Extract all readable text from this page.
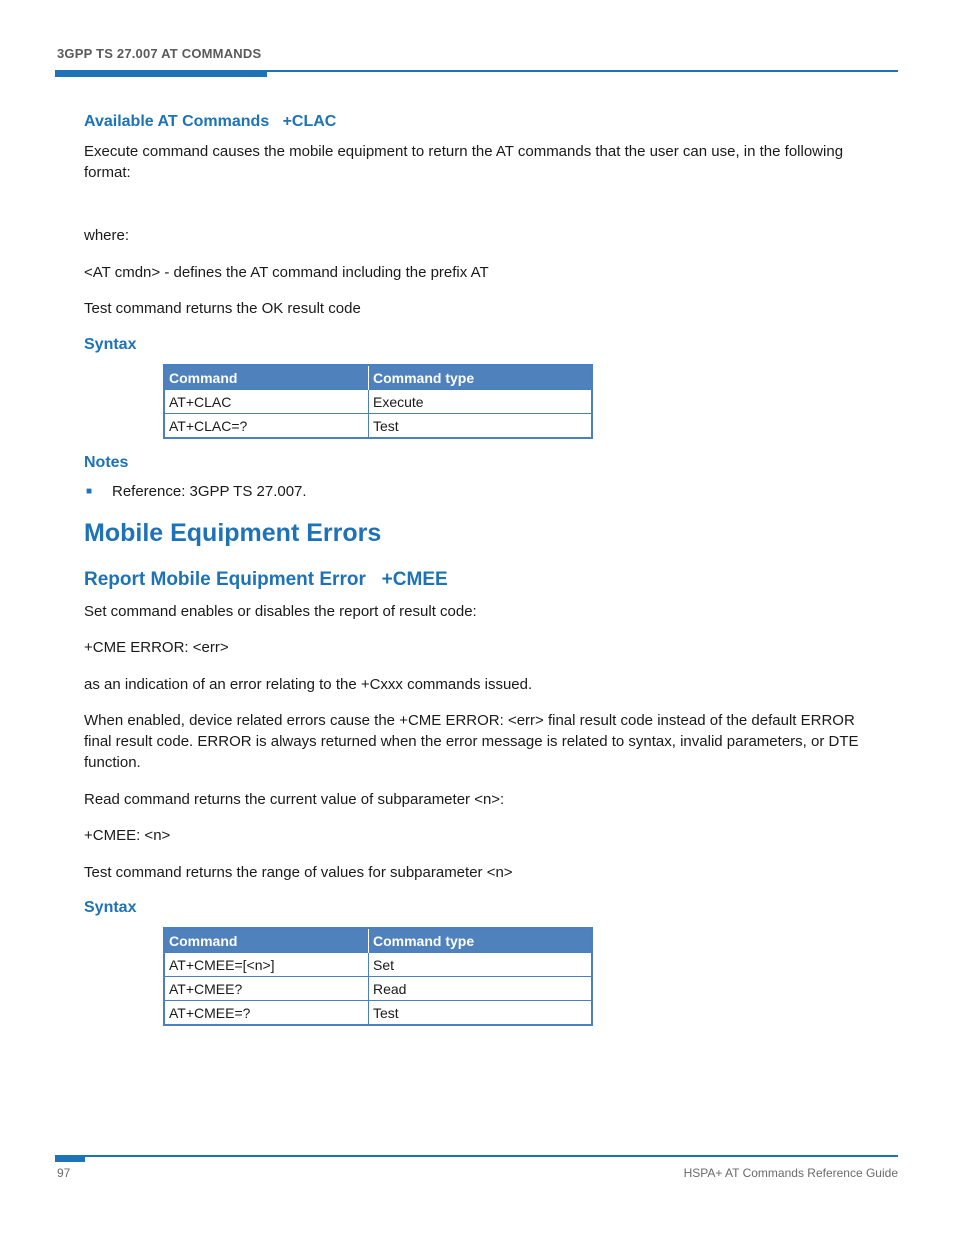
3GPP TS 27.007 AT COMMANDS
Available AT Commands   +CLAC
Execute command causes the mobile equipment to return the AT commands that the user can use, in the following format:
where:
<AT cmdn> - defines the AT command including the prefix AT
Test command returns the OK result code
Syntax
Command	Command type
AT+CLAC	Execute
AT+CLAC=?	Test
Notes
■ Reference: 3GPP TS 27.007.
Mobile Equipment Errors
Report Mobile Equipment Error   +CMEE
Set command enables or disables the report of result code:
+CME ERROR: <err>
as an indication of an error relating to the +Cxxx commands issued.
When enabled, device related errors cause the +CME ERROR: <err> final result code instead of the default ERROR final result code. ERROR is always returned when the error message is related to syntax, invalid parameters, or DTE function.
Read command returns the current value of subparameter <n>:
+CMEE: <n>
Test command returns the range of values for subparameter <n>
Syntax
Command	Command type
AT+CMEE=[<n>]	Set
AT+CMEE?	Read
AT+CMEE=?	Test
97	HSPA+ AT Commands Reference Guide
